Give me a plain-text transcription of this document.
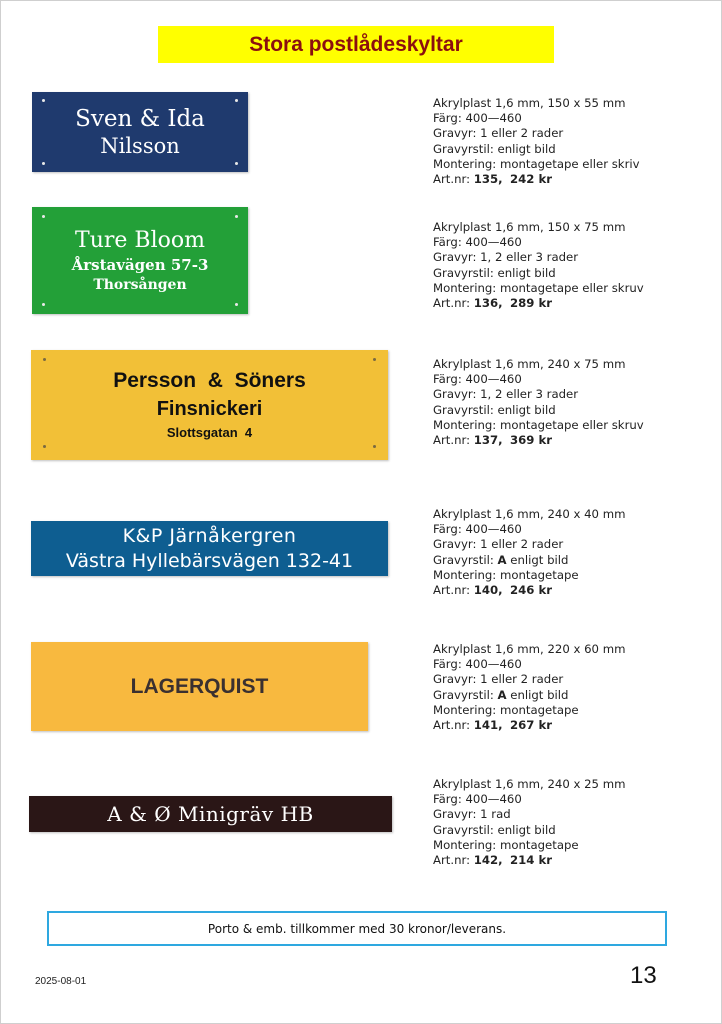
Stora postlådeskyltar
Sven & Ida
Nilsson
Ture Bloom
Årstavägen 57-3
Thorsången
Persson  &  Söners
Finsnickeri
Slottsgatan  4
K&P Järnåkergren
Västra Hyllebärsvägen 132-41
LAGERQUIST
A & Ø Minigräv HB
Akrylplast 1,6 mm, 150 x 55 mm
Färg: 400—460
Gravyr: 1 eller 2 rader
Gravyrstil: enligt bild
Montering: montagetape eller skriv
Art.nr: 135, 242 kr
Akrylplast 1,6 mm, 150 x 75 mm
Färg: 400—460
Gravyr: 1, 2 eller 3 rader
Gravyrstil: enligt bild
Montering: montagetape eller skruv
Art.nr: 136, 289 kr
Akrylplast 1,6 mm, 240 x 75 mm
Färg: 400—460
Gravyr: 1, 2 eller 3 rader
Gravyrstil: enligt bild
Montering: montagetape eller skruv
Art.nr: 137, 369 kr
Akrylplast 1,6 mm, 240 x 40 mm
Färg: 400—460
Gravyr: 1 eller 2 rader
Gravyrstil: A enligt bild
Montering: montagetape
Art.nr: 140, 246 kr
Akrylplast 1,6 mm, 220 x 60 mm
Färg: 400—460
Gravyr: 1 eller 2 rader
Gravyrstil: A enligt bild
Montering: montagetape
Art.nr: 141, 267 kr
Akrylplast 1,6 mm, 240 x 25 mm
Färg: 400—460
Gravyr: 1 rad
Gravyrstil: enligt bild
Montering: montagetape
Art.nr: 142, 214 kr
Porto & emb. tillkommer med 30 kronor/leverans.
2025-08-01	13
